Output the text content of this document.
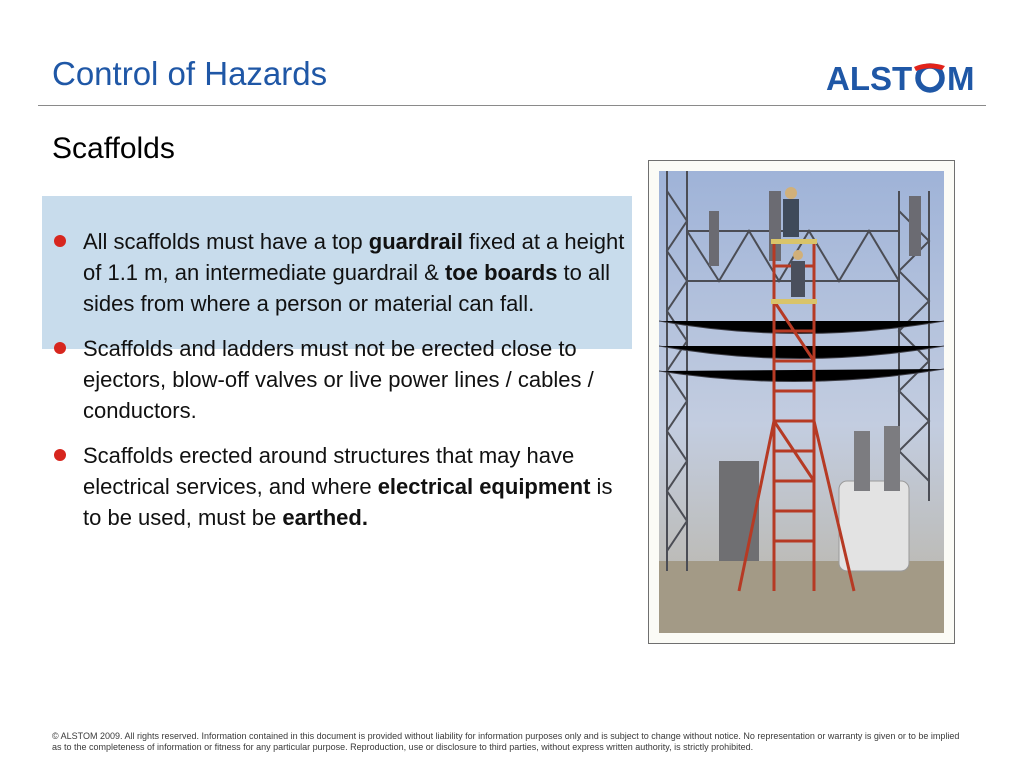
Control of Hazards	ALST M
Scaffolds
All scaffolds must have a top guardrail fixed at a height of 1.1 m, an intermediate guardrail & toe boards to all sides from where a person or material can fall.
Scaffolds and ladders must not be erected close to ejectors, blow-off valves or live power lines / cables / conductors.
Scaffolds erected around structures that may have electrical services, and where electrical equipment is to be used, must be earthed.
© ALSTOM 2009. All rights reserved. Information contained in this document is provided without liability for information purposes only and is subject to change without notice. No representation or warranty is given or to be implied as to the completeness of information or fitness for any particular purpose. Reproduction, use or disclosure to third parties, without express written authority, is strictly prohibited.
